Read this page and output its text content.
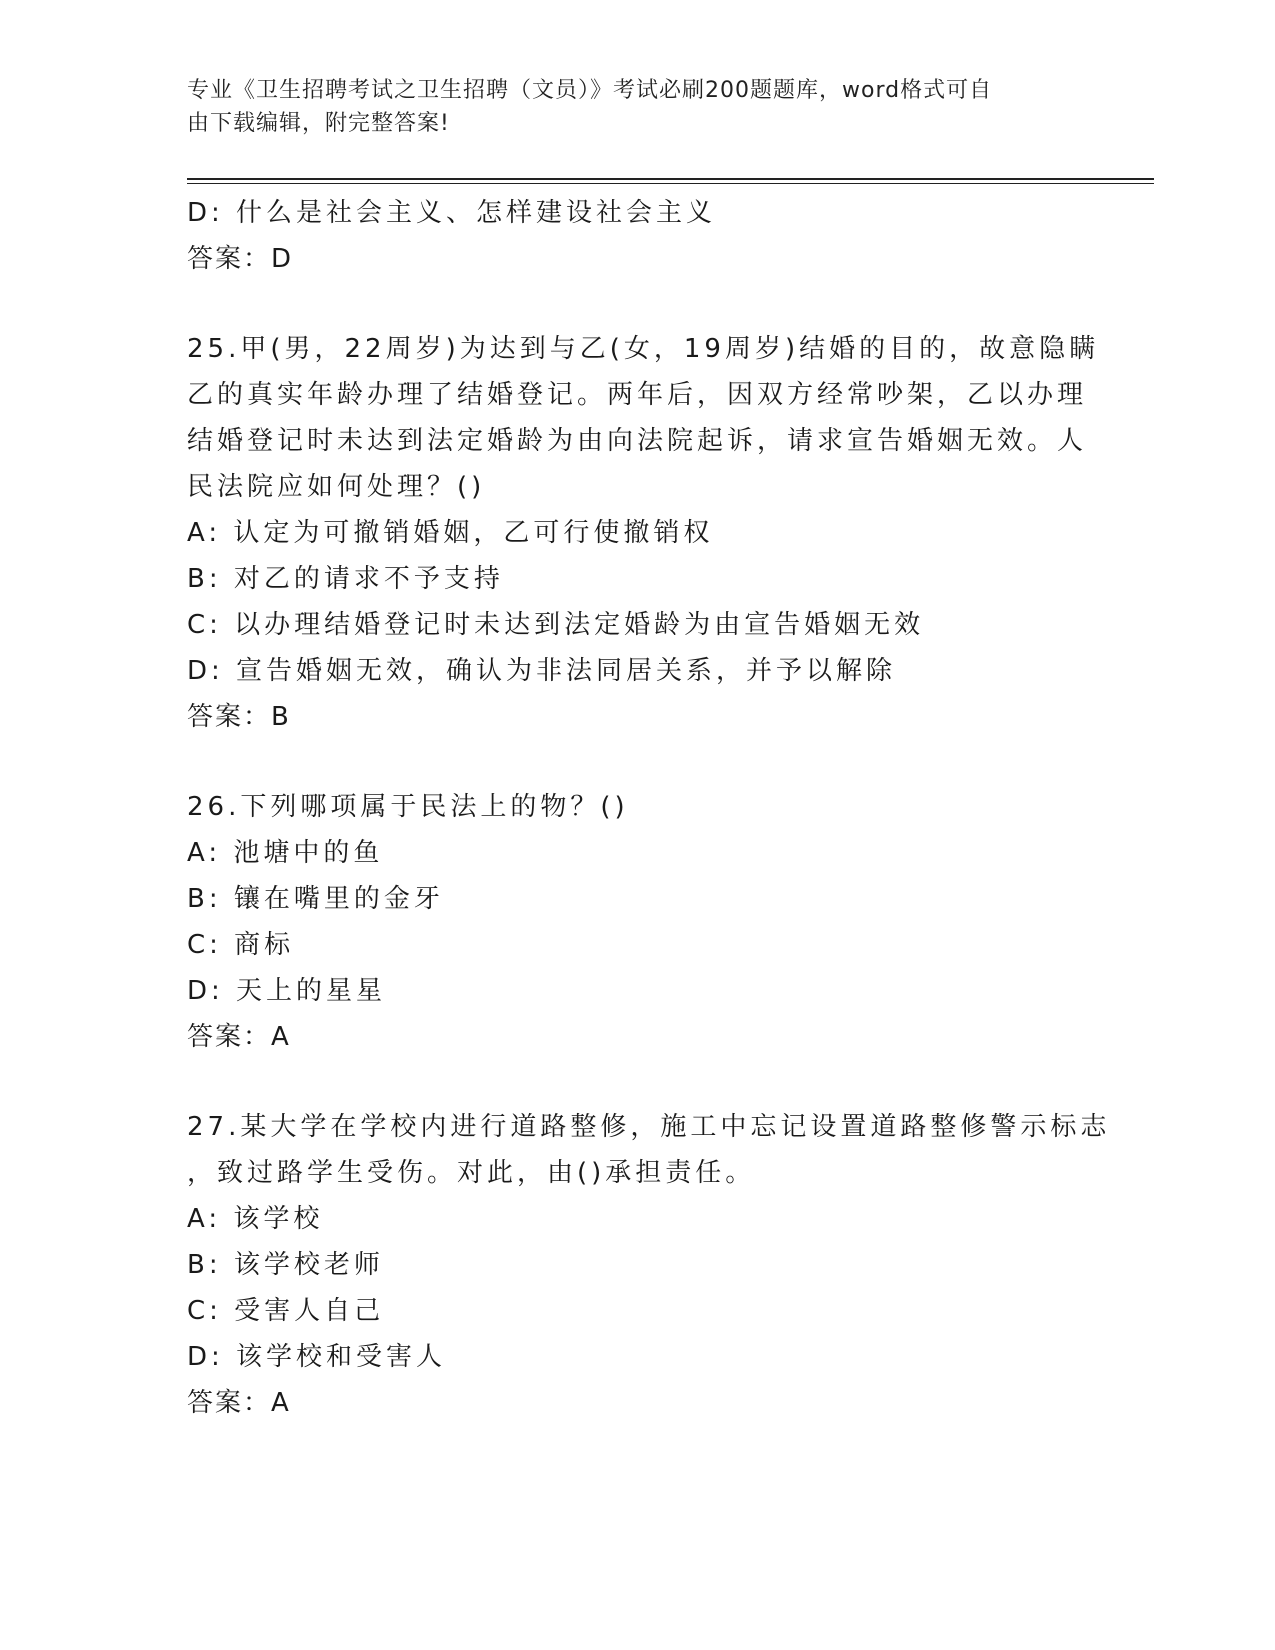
专业《卫生招聘考试之卫生招聘（文员）》考试必刷200题题库，word格式可自
由下载编辑，附完整答案!
D: 什么是社会主义、怎样建设社会主义
答案：D
25.甲(男，22周岁)为达到与乙(女，19周岁)结婚的目的，故意隐瞒
乙的真实年龄办理了结婚登记。两年后，因双方经常吵架，乙以办理
结婚登记时未达到法定婚龄为由向法院起诉，请求宣告婚姻无效。人
民法院应如何处理？()
A: 认定为可撤销婚姻，乙可行使撤销权
B: 对乙的请求不予支持
C: 以办理结婚登记时未达到法定婚龄为由宣告婚姻无效
D: 宣告婚姻无效，确认为非法同居关系，并予以解除
答案：B
26.下列哪项属于民法上的物？()
A: 池塘中的鱼
B: 镶在嘴里的金牙
C: 商标
D: 天上的星星
答案：A
27.某大学在学校内进行道路整修，施工中忘记设置道路整修警示标志
，致过路学生受伤。对此，由()承担责任。
A: 该学校
B: 该学校老师
C: 受害人自己
D: 该学校和受害人
答案：A
